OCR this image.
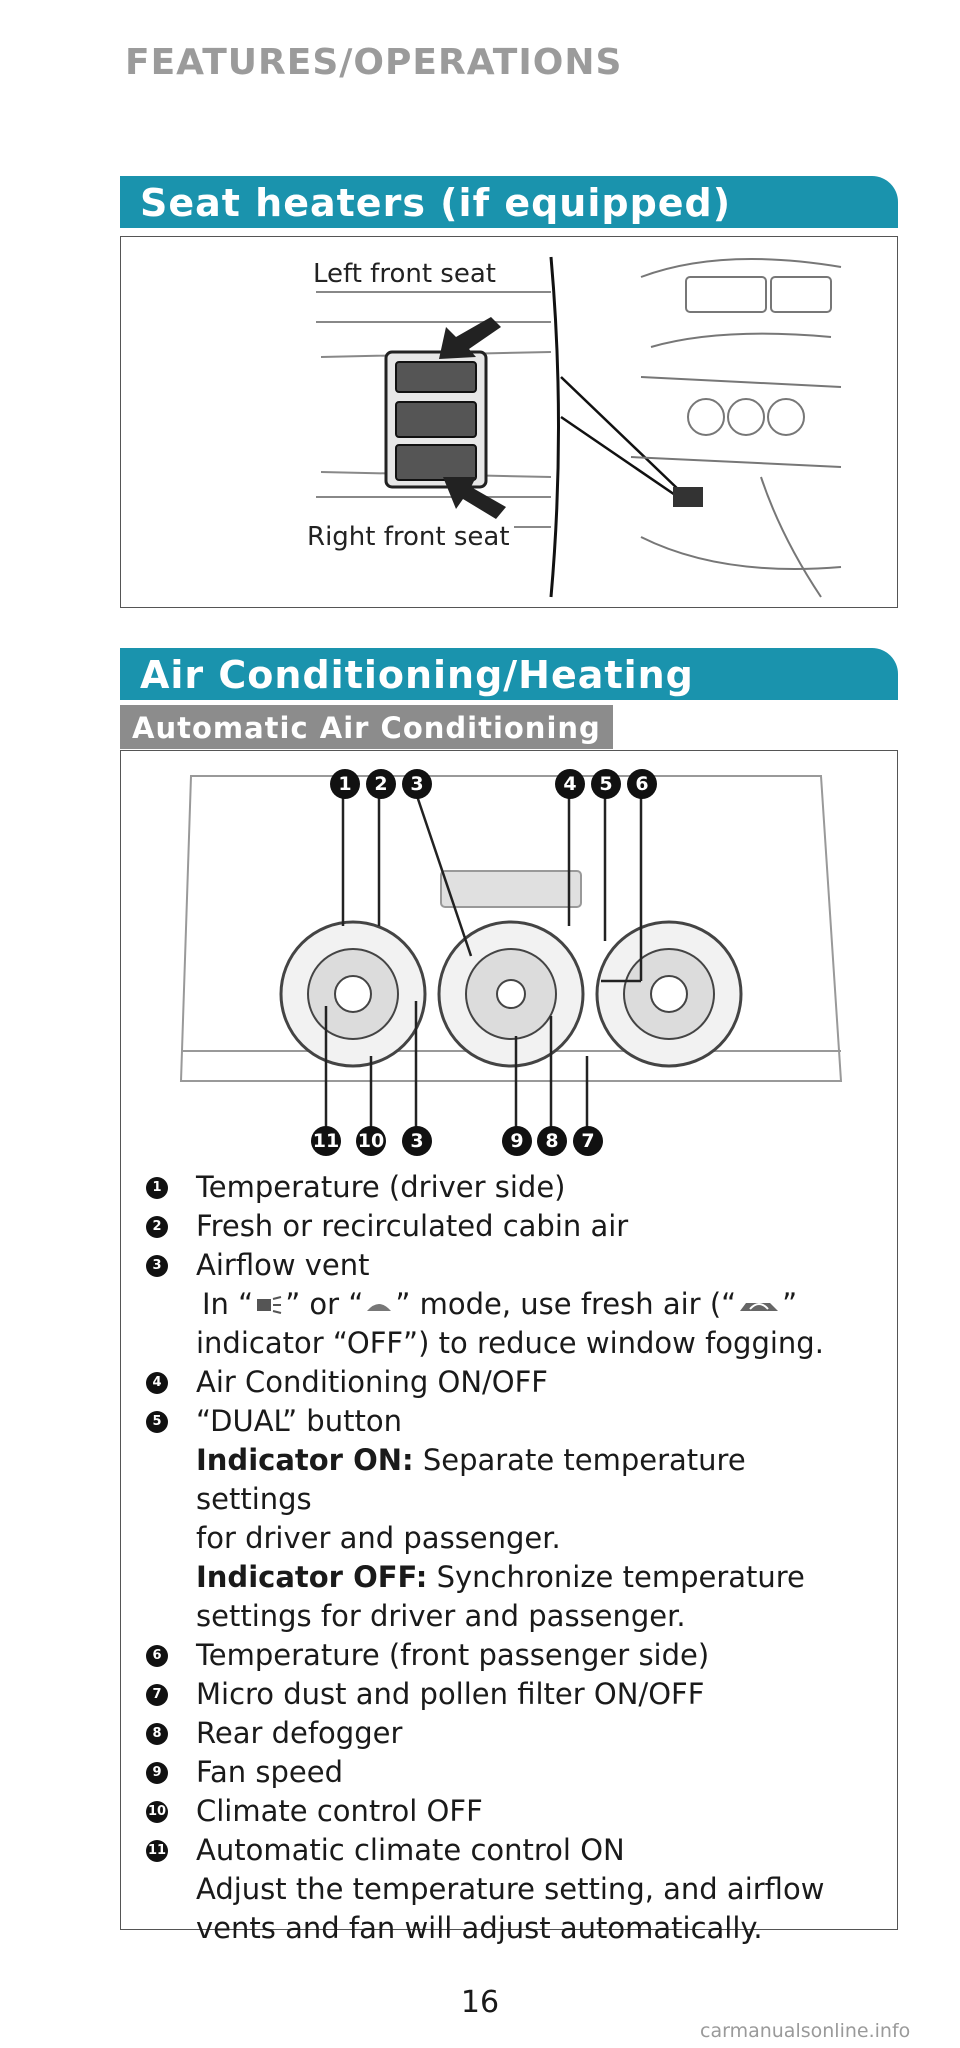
FEATURES/OPERATIONS
Seat heaters (if equipped)
Left front seat
Right front seat
Air Conditioning/Heating
Automatic Air Conditioning
1	2	3	4	5	6
11 10	3	9	8	7
1 Temperature (driver side)
2 Fresh or recirculated cabin air
3 Airflow vent
In “ ” or “ ” mode, use fresh air (“ ”
indicator “OFF”) to reduce window fogging.
4 Air Conditioning ON/OFF
5 “DUAL” button
Indicator ON: Separate temperature settings
for driver and passenger.
Indicator OFF: Synchronize temperature
settings for driver and passenger.
6 Temperature (front passenger side)
7 Micro dust and pollen filter ON/OFF
8 Rear defogger
9 Fan speed
10 Climate control OFF
11 Automatic climate control ON
Adjust the temperature setting, and airflow
vents and fan will adjust automatically.
16
carmanualsonline.info
